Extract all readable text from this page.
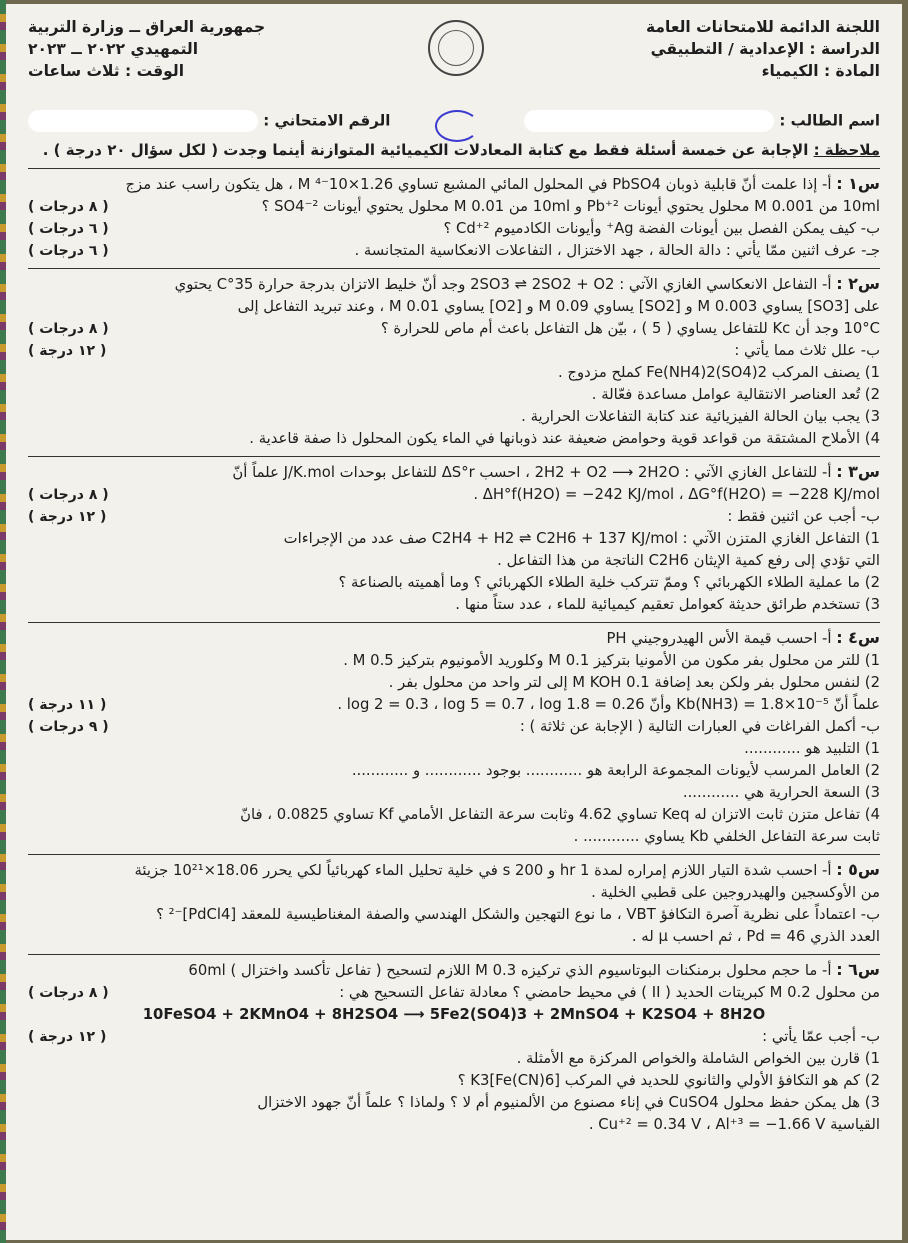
اللجنة الدائمة للامتحانات العامة
الدراسة : الإعدادية / التطبيقي
المادة : الكيمياء
جمهورية العراق ــ وزارة التربية
التمهيدي ٢٠٢٢ ــ ٢٠٢٣
الوقت : ثلاث ساعات
اسم الطالب :
الرقم الامتحاني :
ملاحظة : الإجابة عن خمسة أسئلة فقط مع كتابة المعادلات الكيميائية المتوازنة أينما وجدت ( لكل سؤال ٢٠ درجة ) .
س١ : أ- إذا علمت أنّ قابلية ذوبان PbSO4 في المحلول المائي المشبع تساوي 1.26×10⁻⁴ M ، هل يتكون راسب عند مزج
10ml من 0.001 M محلول يحتوي أيونات Pb⁺² و 10ml من 0.01 M محلول يحتوي أيونات SO4⁻² ؟
( ٨ درجات )
ب- كيف يمكن الفصل بين أيونات الفضة Ag⁺ وأيونات الكادميوم Cd⁺² ؟
( ٦ درجات )
جـ- عرف اثنين ممّا يأتي : دالة الحالة ، جهد الاختزال ، التفاعلات الانعكاسية المتجانسة .
( ٦ درجات )
س٢ : أ- التفاعل الانعكاسي الغازي الآتي : 2SO3 ⇌ 2SO2 + O2 وجد أنّ خليط الاتزان بدرجة حرارة 35°C يحتوي
على [SO3] يساوي 0.003 M و [SO2] يساوي 0.09 M و [O2] يساوي 0.01 M ، وعند تبريد التفاعل إلى
10°C وجد أن Kc للتفاعل يساوي ( 5 ) ، بيّن هل التفاعل باعث أم ماص للحرارة ؟
( ٨ درجات )
ب- علل ثلاث مما يأتي :
( ١٢ درجة )
1) يصنف المركب Fe(NH4)2(SO4)2 كملح مزدوج .
2) تُعد العناصر الانتقالية عوامل مساعدة فعّالة .
3) يجب بيان الحالة الفيزيائية عند كتابة التفاعلات الحرارية .
4) الأملاح المشتقة من قواعد قوية وحوامض ضعيفة عند ذوبانها في الماء يكون المحلول ذا صفة قاعدية .
س٣ : أ- للتفاعل الغازي الآتي : 2H2 + O2 ⟶ 2H2O ، احسب ΔS°r للتفاعل بوحدات J/K.mol علماً أنّ
ΔH°f(H2O) = −242 KJ/mol ، ΔG°f(H2O) = −228 KJ/mol .
( ٨ درجات )
ب- أجب عن اثنين فقط :
( ١٢ درجة )
1) التفاعل الغازي المتزن الآتي : C2H4 + H2 ⇌ C2H6 + 137 KJ/mol صف عدد من الإجراءات
التي تؤدي إلى رفع كمية الإيثان C2H6 الناتجة من هذا التفاعل .
2) ما عملية الطلاء الكهربائي ؟ وممّ تتركب خلية الطلاء الكهربائي ؟ وما أهميته بالصناعة ؟
3) تستخدم طرائق حديثة كعوامل تعقيم كيميائية للماء ، عدد ستاً منها .
س٤ : أ- احسب قيمة الأس الهيدروجيني PH
1) للتر من محلول بفر مكون من الأمونيا بتركيز 0.1 M وكلوريد الأمونيوم بتركيز 0.5 M .
2) لنفس محلول بفر ولكن بعد إضافة 0.1 M KOH إلى لتر واحد من محلول بفر .
علماً أنّ Kb(NH3) = 1.8×10⁻⁵ وأنّ log 2 = 0.3 ، log 5 = 0.7 ، log 1.8 = 0.26 .
( ١١ درجة )
ب- أكمل الفراغات في العبارات التالية ( الإجابة عن ثلاثة ) :
( ٩ درجات )
1) التلبيد هو ............
2) العامل المرسب لأيونات المجموعة الرابعة هو ............ بوجود ............ و ............
3) السعة الحرارية هي ............
4) تفاعل متزن ثابت الاتزان له Keq تساوي 4.62 وثابت سرعة التفاعل الأمامي Kf تساوي 0.0825 ، فانّ
ثابت سرعة التفاعل الخلفي Kb يساوي ............ .
س٥ : أ- احسب شدة التيار اللازم إمراره لمدة 1 hr و 200 s في خلية تحليل الماء كهربائياً لكي يحرر 18.06×10²¹ جزيئة
من الأوكسجين والهيدروجين على قطبي الخلية .
ب- اعتماداً على نظرية آصرة التكافؤ VBT ، ما نوع التهجين والشكل الهندسي والصفة المغناطيسية للمعقد [PdCl4]⁻² ؟
العدد الذري Pd = 46 ، ثم احسب μ له .
س٦ : أ- ما حجم محلول برمنكنات البوتاسيوم الذي تركيزه 0.3 M اللازم لتسحيح ( تفاعل تأكسد واختزال ) 60ml
من محلول 0.2 M كبريتات الحديد ( II ) في محيط حامضي ؟ معادلة تفاعل التسحيح هي :
( ٨ درجات )
10FeSO4 + 2KMnO4 + 8H2SO4 ⟶ 5Fe2(SO4)3 + 2MnSO4 + K2SO4 + 8H2O
ب- أجب عمّا يأتي :
( ١٢ درجة )
1) قارن بين الخواص الشاملة والخواص المركزة مع الأمثلة .
2) كم هو التكافؤ الأولي والثانوي للحديد في المركب K3[Fe(CN)6] ؟
3) هل يمكن حفظ محلول CuSO4 في إناء مصنوع من الألمنيوم أم لا ؟ ولماذا ؟ علماً أنّ جهود الاختزال
القياسية Cu⁺² = 0.34 V ، Al⁺³ = −1.66 V .
